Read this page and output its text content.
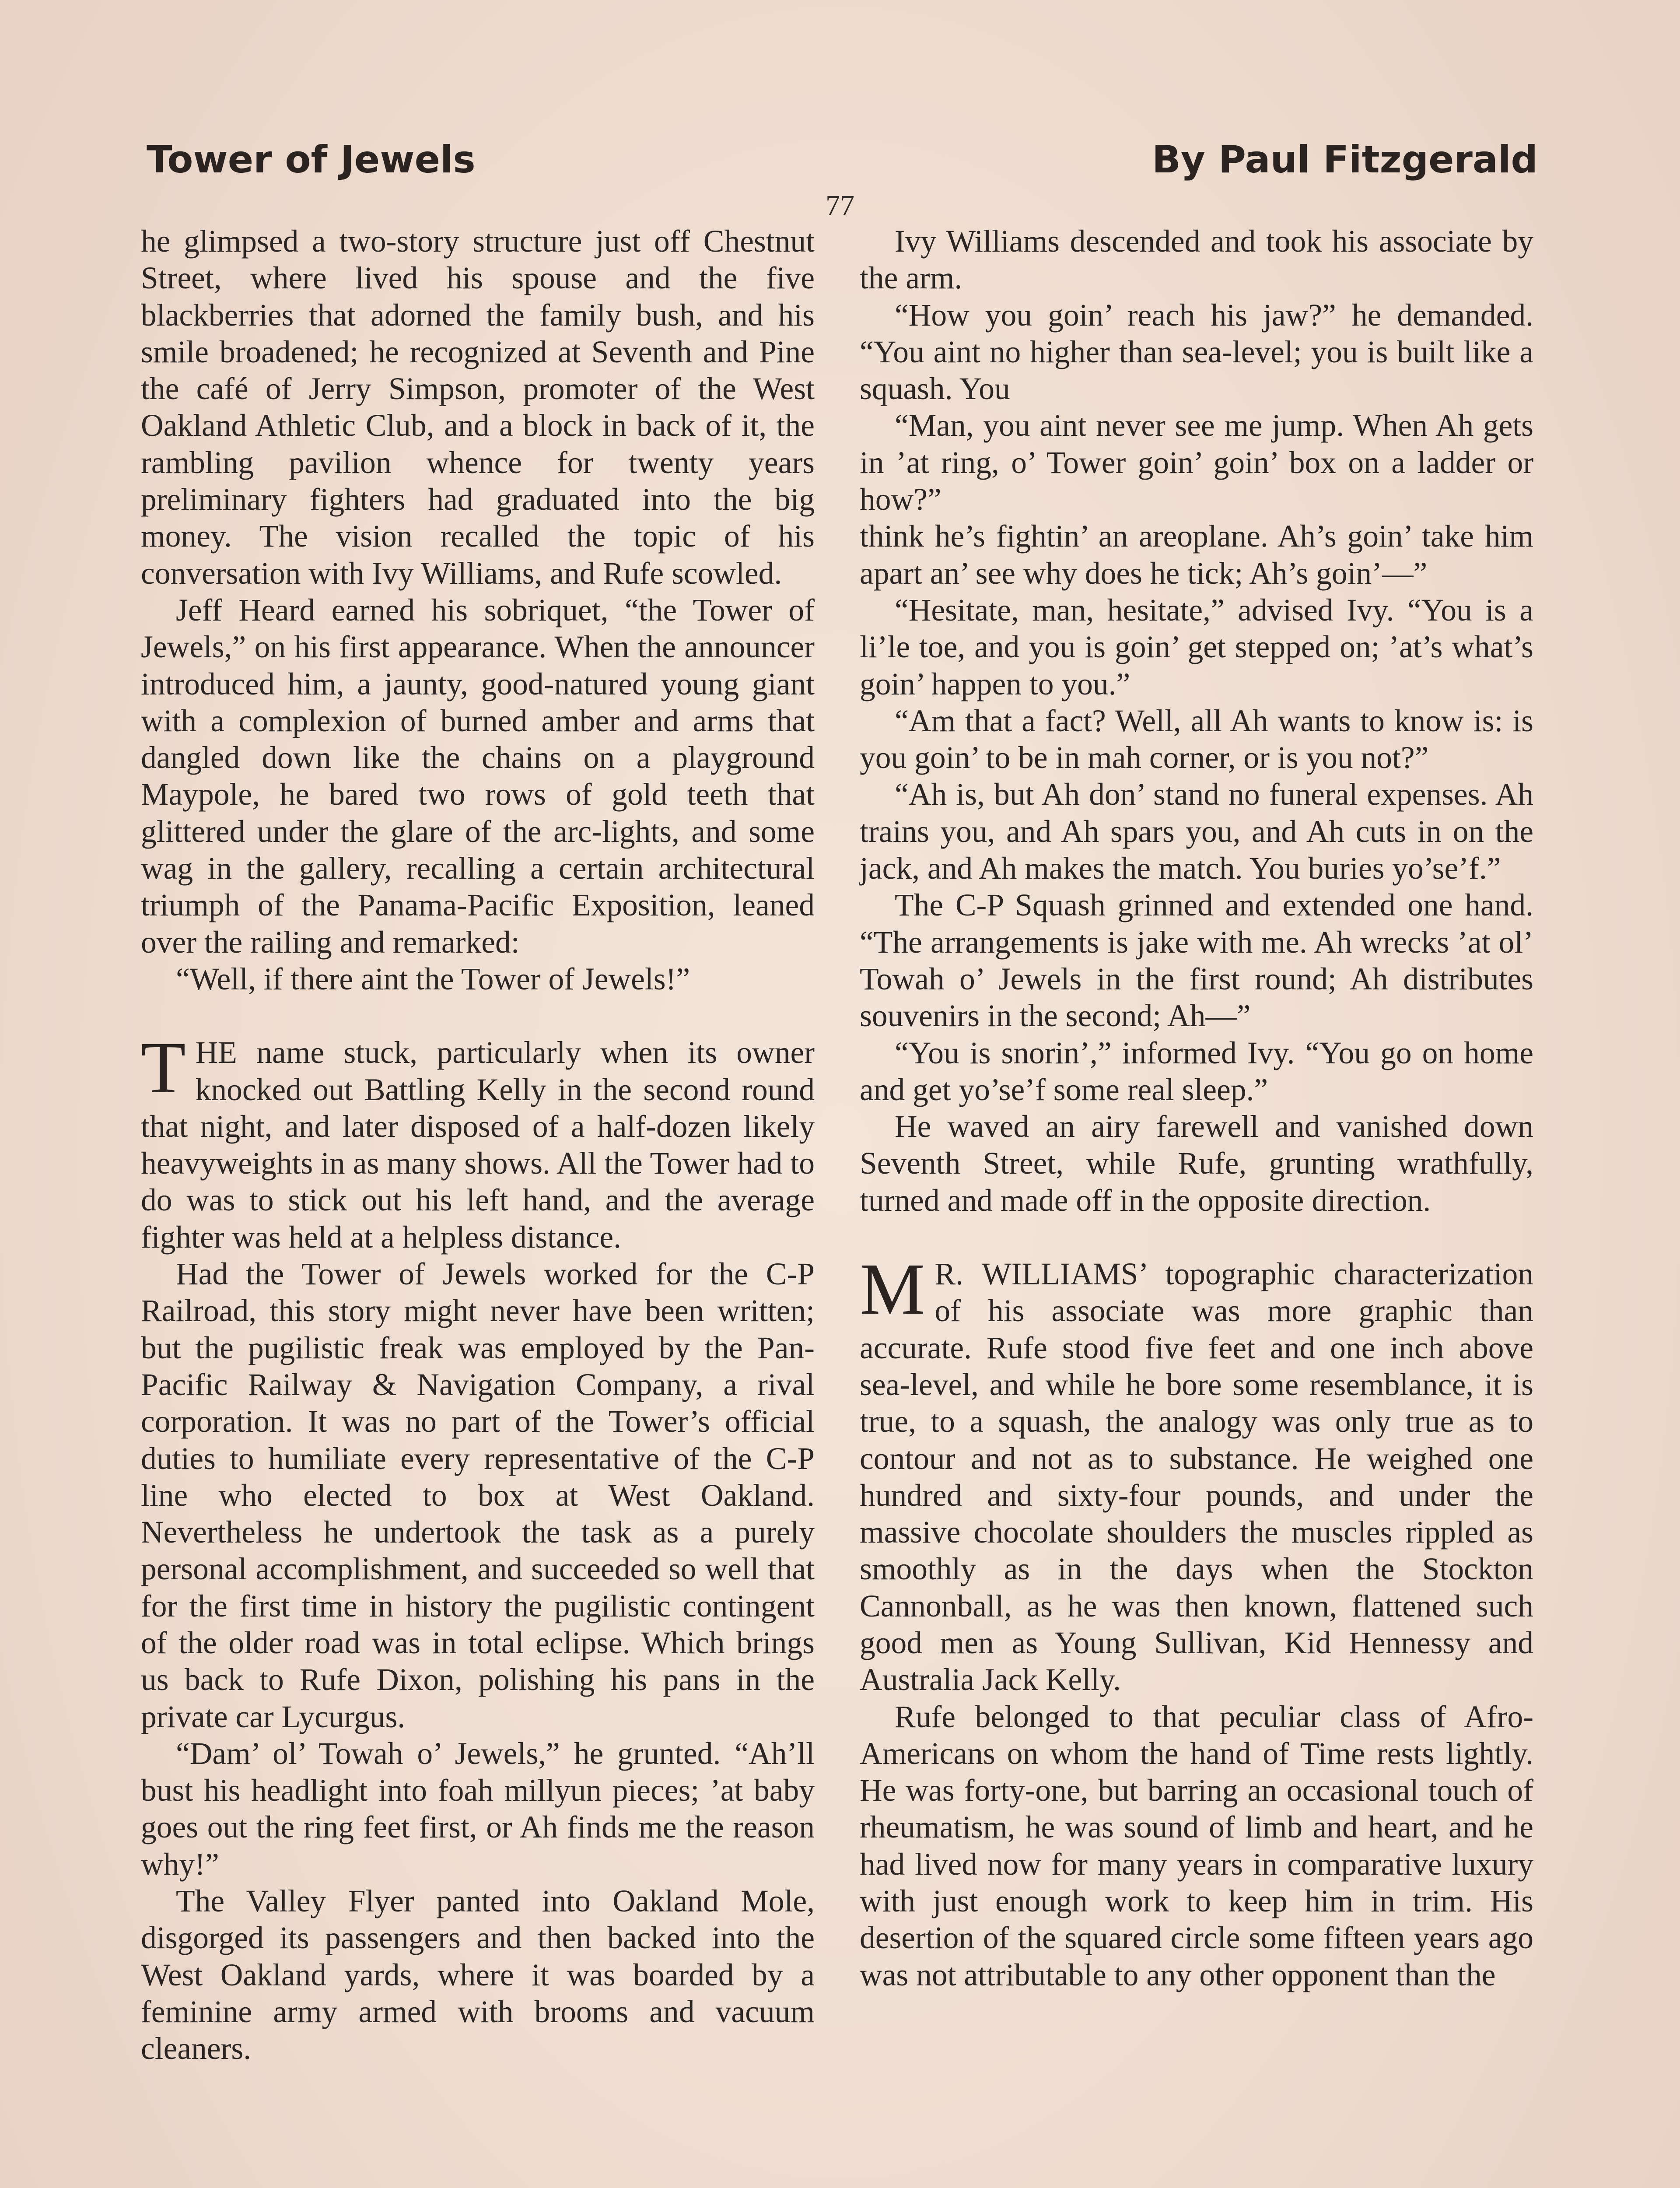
Tower of Jewels	By Paul Fitzgerald
77

he glimpsed a two-story structure just off Chestnut Street, where lived his spouse and the five blackberries that adorned the family bush, and his smile broadened; he recognized at Seventh and Pine the café of Jerry Simpson, promoter of the West Oakland Athletic Club, and a block in back of it, the rambling pavilion whence for twenty years preliminary fighters had graduated into the big money. The vision recalled the topic of his conversation with Ivy Williams, and Rufe scowled.

Jeff Heard earned his sobriquet, “the Tower of Jewels,” on his first appearance. When the announcer introduced him, a jaunty, good-natured young giant with a complexion of burned amber and arms that dangled down like the chains on a playground Maypole, he bared two rows of gold teeth that glittered under the glare of the arc-lights, and some wag in the gallery, recalling a certain architectural triumph of the Panama-Pacific Exposition, leaned over the railing and remarked:

“Well, if there aint the Tower of Jewels!”

THE name stuck, particularly when its owner knocked out Battling Kelly in the second round that night, and later disposed of a half-dozen likely heavyweights in as many shows. All the Tower had to do was to stick out his left hand, and the average fighter was held at a helpless distance.

Had the Tower of Jewels worked for the C-P Railroad, this story might never have been written; but the pugilistic freak was employed by the Pan-Pacific Railway & Navigation Company, a rival corporation. It was no part of the Tower’s official duties to humiliate every representative of the C-P line who elected to box at West Oakland. Nevertheless he undertook the task as a purely personal accomplishment, and succeeded so well that for the first time in history the pugilistic contingent of the older road was in total eclipse. Which brings us back to Rufe Dixon, polishing his pans in the private car Lycurgus.

“Dam’ ol’ Towah o’ Jewels,” he grunted. “Ah’ll bust his headlight into foah millyun pieces; ’at baby goes out the ring feet first, or Ah finds me the reason why!”

The Valley Flyer panted into Oakland Mole, disgorged its passengers and then backed into the West Oakland yards, where it was boarded by a feminine army armed with brooms and vacuum cleaners.

Ivy Williams descended and took his associate by the arm.

“How you goin’ reach his jaw?” he demanded. “You aint no higher than sea-level; you is built like a squash. You

“Man, you aint never see me jump. When Ah gets in ’at ring, o’ Tower goin’ goin’ box on a ladder or how?”

think he’s fightin’ an areoplane. Ah’s goin’ take him apart an’ see why does he tick; Ah’s goin’—”

“Hesitate, man, hesitate,” advised Ivy. “You is a li’le toe, and you is goin’ get stepped on; ’at’s what’s goin’ happen to you.”

“Am that a fact? Well, all Ah wants to know is: is you goin’ to be in mah corner, or is you not?”

“Ah is, but Ah don’ stand no funeral expenses. Ah trains you, and Ah spars you, and Ah cuts in on the jack, and Ah makes the match. You buries yo’se’f.”

The C-P Squash grinned and extended one hand. “The arrangements is jake with me. Ah wrecks ’at ol’ Towah o’ Jewels in the first round; Ah distributes souvenirs in the second; Ah—”

“You is snorin’,” informed Ivy. “You go on home and get yo’se’f some real sleep.”

He waved an airy farewell and vanished down Seventh Street, while Rufe, grunting wrathfully, turned and made off in the opposite direction.

M R. WILLIAMS’ topographic characterization of his associate was more graphic than accurate. Rufe stood five feet and one inch above sea-level, and while he bore some resemblance, it is true, to a squash, the analogy was only true as to contour and not as to substance. He weighed one hundred and sixty-four pounds, and under the massive chocolate shoulders the muscles rippled as smoothly as in the days when the Stockton Cannonball, as he was then known, flattened such good men as Young Sullivan, Kid Hennessy and Australia Jack Kelly.

Rufe belonged to that peculiar class of Afro-Americans on whom the hand of Time rests lightly. He was forty-one, but barring an occasional touch of rheumatism, he was sound of limb and heart, and he had lived now for many years in comparative luxury with just enough work to keep him in trim. His desertion of the squared circle some fifteen years ago was not attributable to any other opponent than the
